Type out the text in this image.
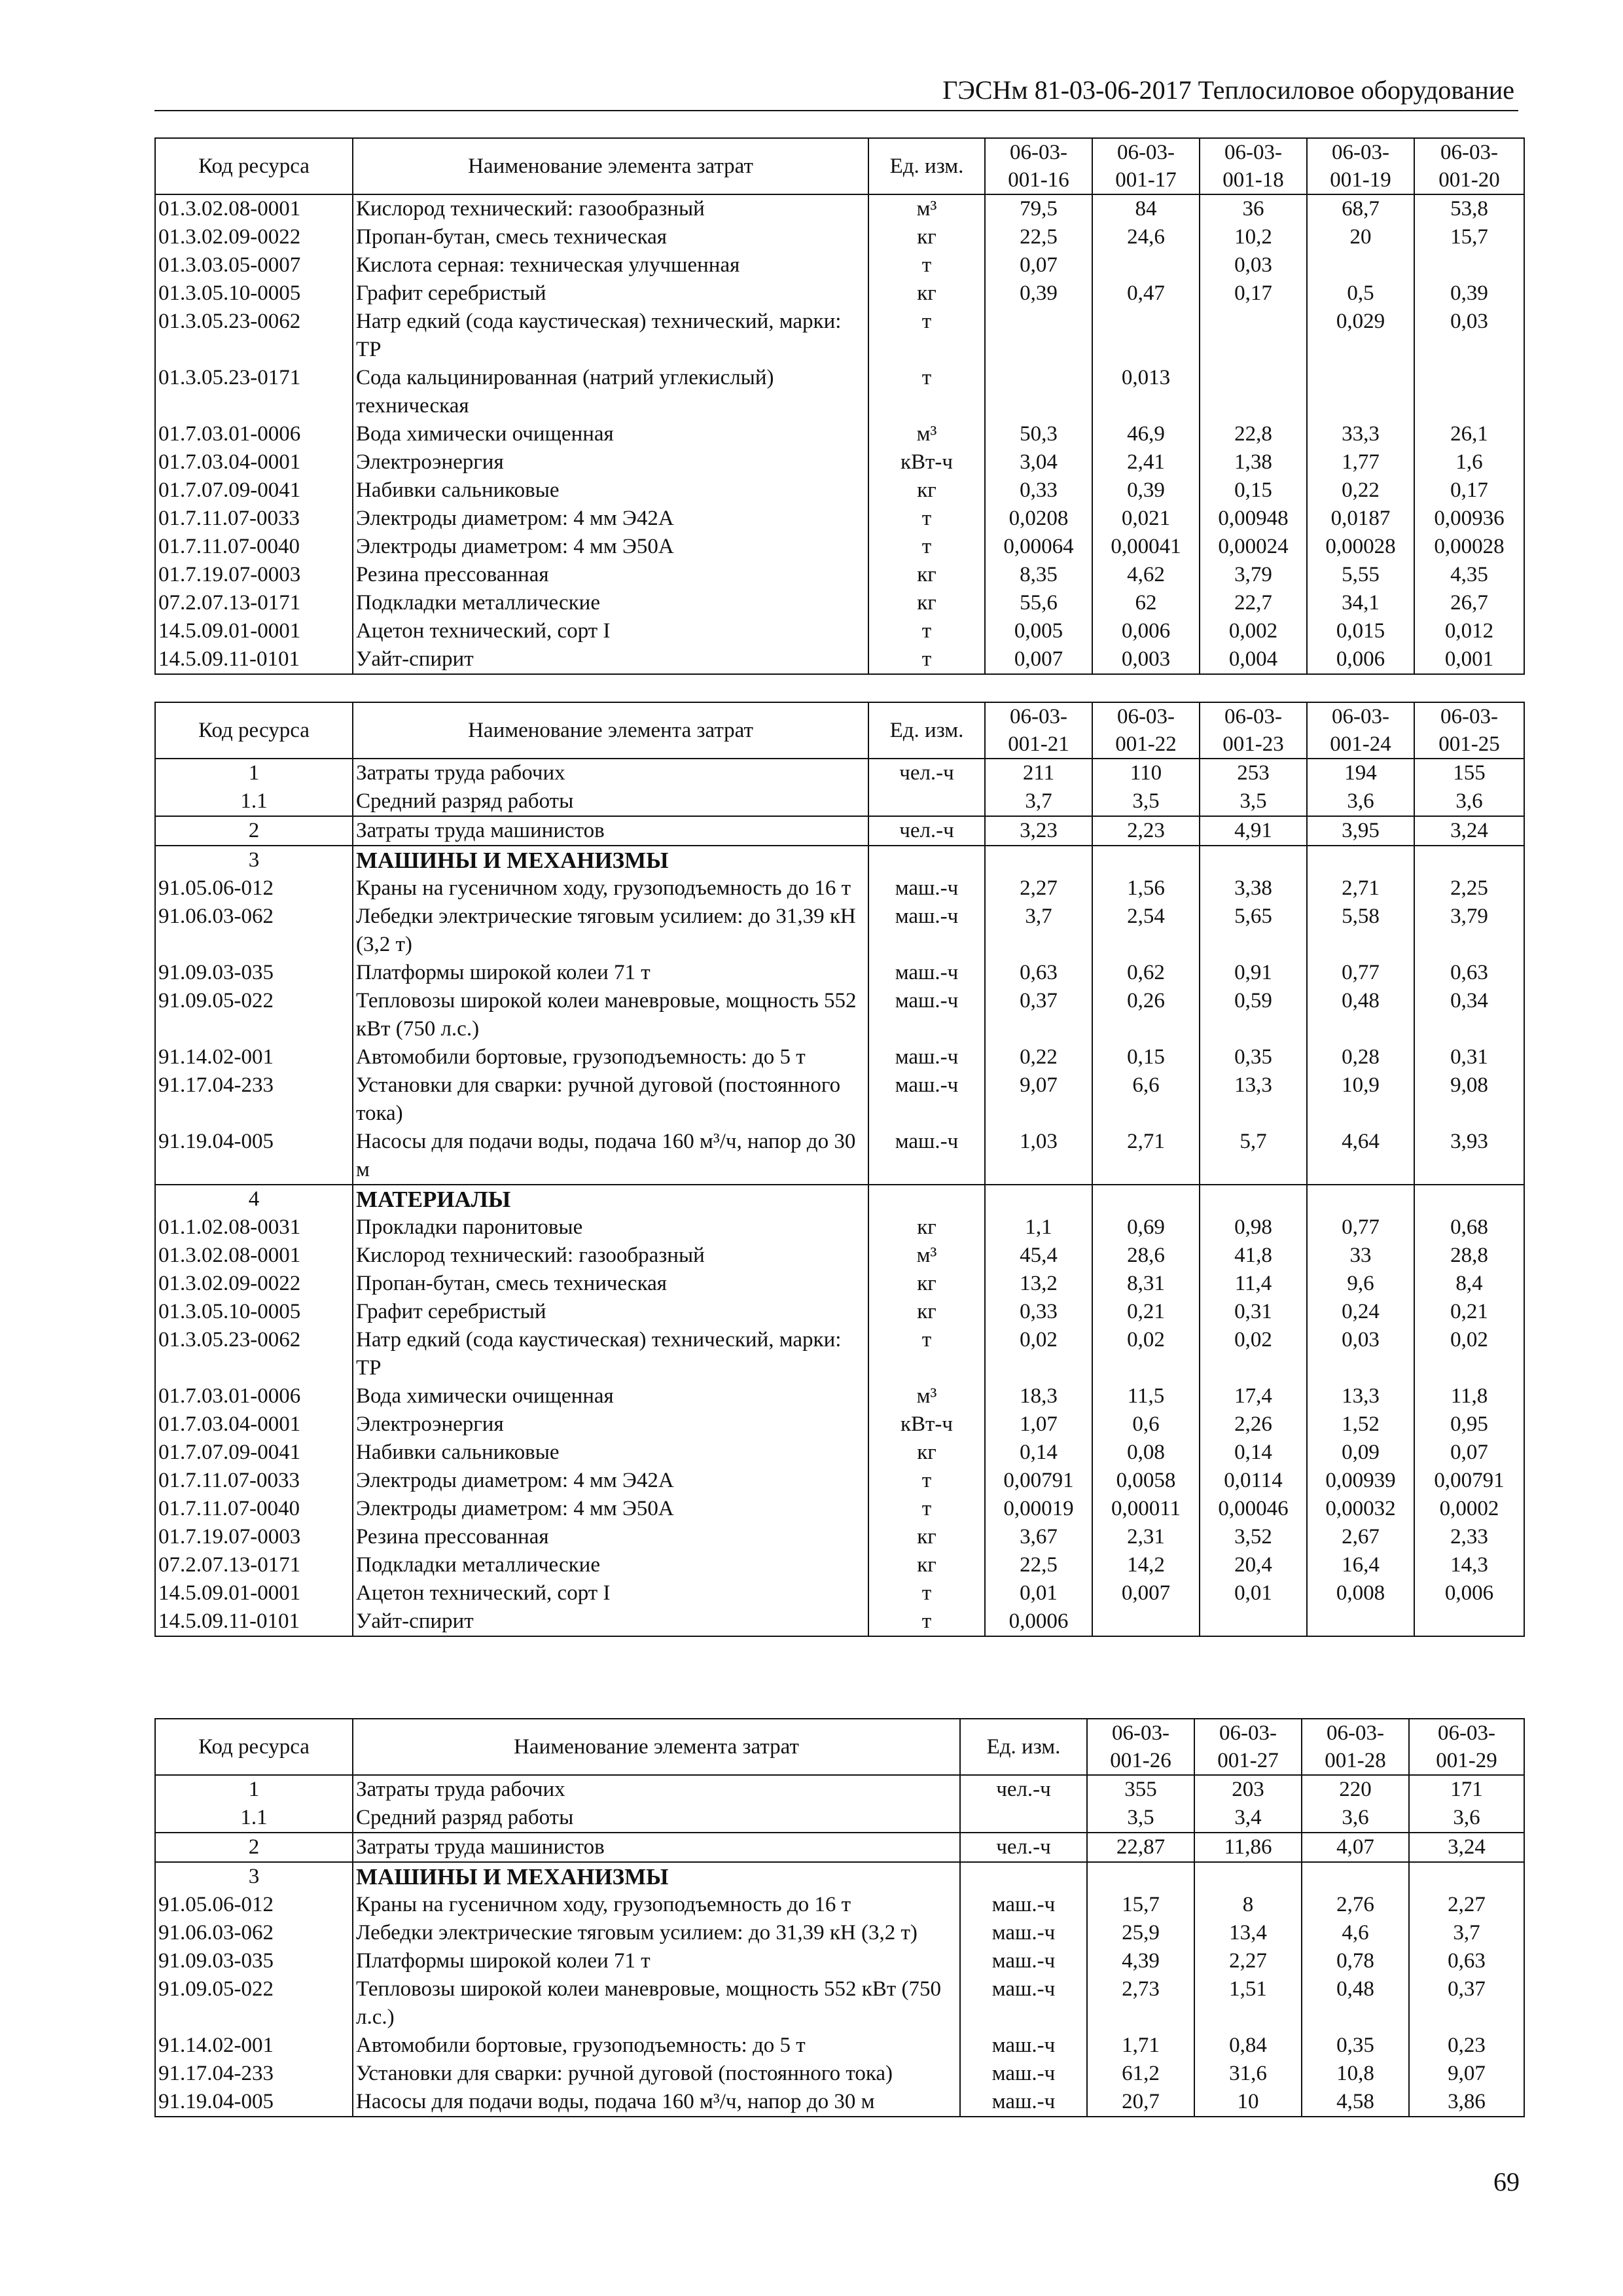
ГЭСНм 81-03-06-2017 Теплосиловое оборудование
Код ресурса	Наименование элемента затрат	Ед. изм.	06-03-
001-16	06-03-
001-17	06-03-
001-18	06-03-
001-19	06-03-
001-20
01.3.02.08-0001	Кислород технический: газообразный	м³	79,5	84	36	68,7	53,8
01.3.02.09-0022	Пропан-бутан, смесь техническая	кг	22,5	24,6	10,2	20	15,7
01.3.03.05-0007	Кислота серная: техническая улучшенная	т	0,07		0,03		
01.3.05.10-0005	Графит серебристый	кг	0,39	0,47	0,17	0,5	0,39
01.3.05.23-0062	Натр едкий (сода каустическая) технический, марки: ТР	т				0,029	0,03
01.3.05.23-0171	Сода кальцинированная (натрий углекислый) техническая	т		0,013			
01.7.03.01-0006	Вода химически очищенная	м³	50,3	46,9	22,8	33,3	26,1
01.7.03.04-0001	Электроэнергия	кВт-ч	3,04	2,41	1,38	1,77	1,6
01.7.07.09-0041	Набивки сальниковые	кг	0,33	0,39	0,15	0,22	0,17
01.7.11.07-0033	Электроды диаметром: 4 мм Э42А	т	0,0208	0,021	0,00948	0,0187	0,00936
01.7.11.07-0040	Электроды диаметром: 4 мм Э50А	т	0,00064	0,00041	0,00024	0,00028	0,00028
01.7.19.07-0003	Резина прессованная	кг	8,35	4,62	3,79	5,55	4,35
07.2.07.13-0171	Подкладки металлические	кг	55,6	62	22,7	34,1	26,7
14.5.09.01-0001	Ацетон технический, сорт I	т	0,005	0,006	0,002	0,015	0,012
14.5.09.11-0101	Уайт-спирит	т	0,007	0,003	0,004	0,006	0,001
Код ресурса	Наименование элемента затрат	Ед. изм.	06-03-
001-21	06-03-
001-22	06-03-
001-23	06-03-
001-24	06-03-
001-25
1	Затраты труда рабочих	чел.-ч	211	110	253	194	155
1.1	Средний разряд работы		3,7	3,5	3,5	3,6	3,6
2	Затраты труда машинистов	чел.-ч	3,23	2,23	4,91	3,95	3,24
3	МАШИНЫ И МЕХАНИЗМЫ						
91.05.06-012	Краны на гусеничном ходу, грузоподъемность до 16 т	маш.-ч	2,27	1,56	3,38	2,71	2,25
91.06.03-062	Лебедки электрические тяговым усилием: до 31,39 кН (3,2 т)	маш.-ч	3,7	2,54	5,65	5,58	3,79
91.09.03-035	Платформы широкой колеи 71 т	маш.-ч	0,63	0,62	0,91	0,77	0,63
91.09.05-022	Тепловозы широкой колеи маневровые, мощность 552 кВт (750 л.с.)	маш.-ч	0,37	0,26	0,59	0,48	0,34
91.14.02-001	Автомобили бортовые, грузоподъемность: до 5 т	маш.-ч	0,22	0,15	0,35	0,28	0,31
91.17.04-233	Установки для сварки: ручной дуговой (постоянного тока)	маш.-ч	9,07	6,6	13,3	10,9	9,08
91.19.04-005	Насосы для подачи воды, подача 160 м³/ч, напор до 30 м	маш.-ч	1,03	2,71	5,7	4,64	3,93
4	МАТЕРИАЛЫ						
01.1.02.08-0031	Прокладки паронитовые	кг	1,1	0,69	0,98	0,77	0,68
01.3.02.08-0001	Кислород технический: газообразный	м³	45,4	28,6	41,8	33	28,8
01.3.02.09-0022	Пропан-бутан, смесь техническая	кг	13,2	8,31	11,4	9,6	8,4
01.3.05.10-0005	Графит серебристый	кг	0,33	0,21	0,31	0,24	0,21
01.3.05.23-0062	Натр едкий (сода каустическая) технический, марки: ТР	т	0,02	0,02	0,02	0,03	0,02
01.7.03.01-0006	Вода химически очищенная	м³	18,3	11,5	17,4	13,3	11,8
01.7.03.04-0001	Электроэнергия	кВт-ч	1,07	0,6	2,26	1,52	0,95
01.7.07.09-0041	Набивки сальниковые	кг	0,14	0,08	0,14	0,09	0,07
01.7.11.07-0033	Электроды диаметром: 4 мм Э42А	т	0,00791	0,0058	0,0114	0,00939	0,00791
01.7.11.07-0040	Электроды диаметром: 4 мм Э50А	т	0,00019	0,00011	0,00046	0,00032	0,0002
01.7.19.07-0003	Резина прессованная	кг	3,67	2,31	3,52	2,67	2,33
07.2.07.13-0171	Подкладки металлические	кг	22,5	14,2	20,4	16,4	14,3
14.5.09.01-0001	Ацетон технический, сорт I	т	0,01	0,007	0,01	0,008	0,006
14.5.09.11-0101	Уайт-спирит	т	0,0006				
Код ресурса	Наименование элемента затрат	Ед. изм.	06-03-
001-26	06-03-
001-27	06-03-
001-28	06-03-
001-29
1	Затраты труда рабочих	чел.-ч	355	203	220	171
1.1	Средний разряд работы		3,5	3,4	3,6	3,6
2	Затраты труда машинистов	чел.-ч	22,87	11,86	4,07	3,24
3	МАШИНЫ И МЕХАНИЗМЫ					
91.05.06-012	Краны на гусеничном ходу, грузоподъемность до 16 т	маш.-ч	15,7	8	2,76	2,27
91.06.03-062	Лебедки электрические тяговым усилием: до 31,39 кН (3,2 т)	маш.-ч	25,9	13,4	4,6	3,7
91.09.03-035	Платформы широкой колеи 71 т	маш.-ч	4,39	2,27	0,78	0,63
91.09.05-022	Тепловозы широкой колеи маневровые, мощность 552 кВт (750 л.с.)	маш.-ч	2,73	1,51	0,48	0,37
91.14.02-001	Автомобили бортовые, грузоподъемность: до 5 т	маш.-ч	1,71	0,84	0,35	0,23
91.17.04-233	Установки для сварки: ручной дуговой (постоянного тока)	маш.-ч	61,2	31,6	10,8	9,07
91.19.04-005	Насосы для подачи воды, подача 160 м³/ч, напор до 30 м	маш.-ч	20,7	10	4,58	3,86
69
